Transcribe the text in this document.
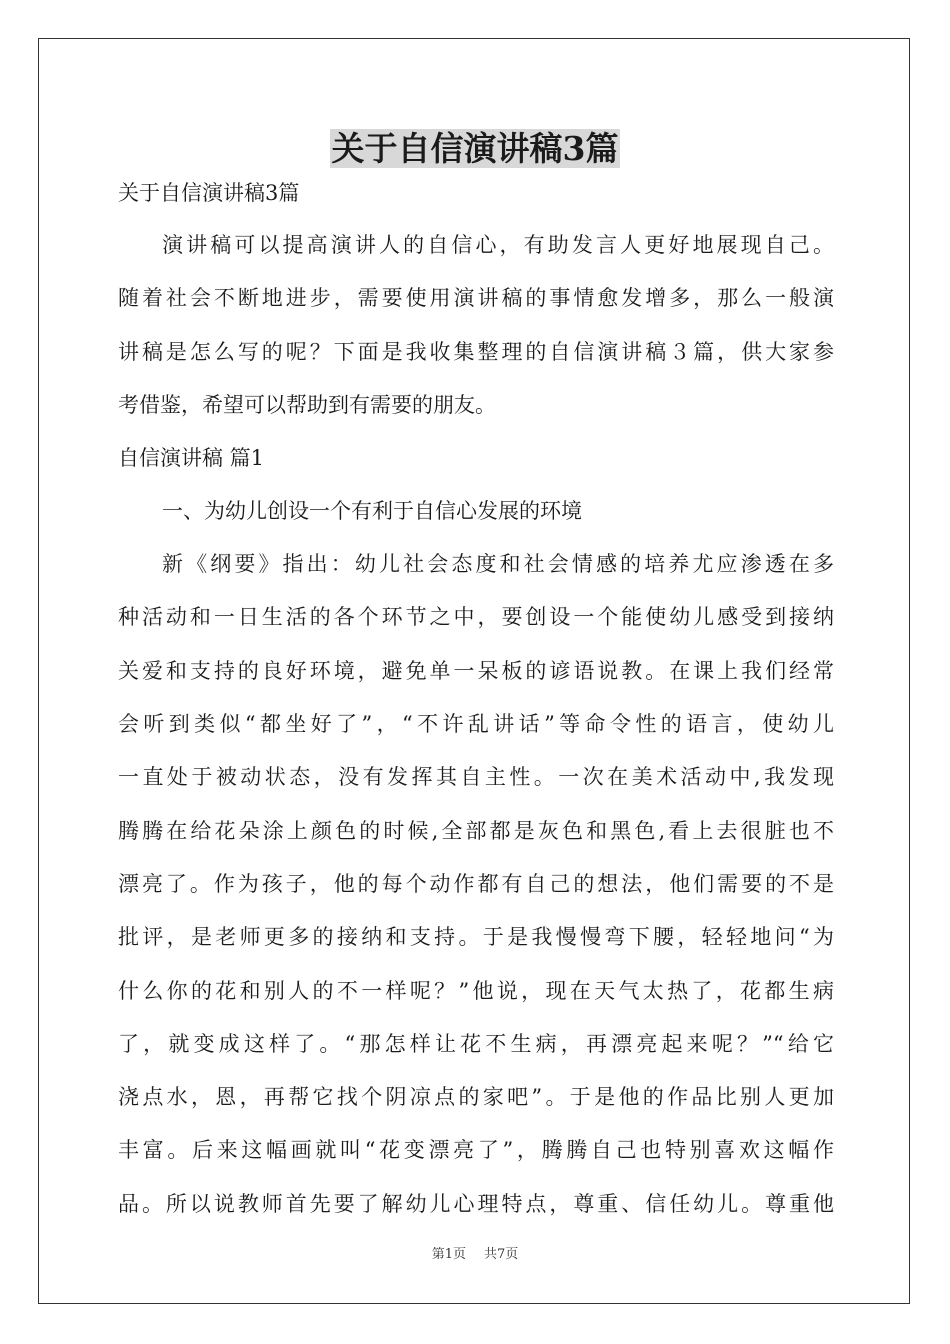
关于自信演讲稿3篇
关于自信演讲稿3篇
演讲稿可以提高演讲人的自信心，有助发言人更好地展现自己。
随着社会不断地进步，需要使用演讲稿的事情愈发增多，那么一般演
讲稿是怎么写的呢？下面是我收集整理的自信演讲稿３篇，供大家参
考借鉴，希望可以帮助到有需要的朋友。
自信演讲稿 篇1
一、为幼儿创设一个有利于自信心发展的环境
新《纲要》指出：幼儿社会态度和社会情感的培养尤应渗透在多
种活动和一日生活的各个环节之中，要创设一个能使幼儿感受到接纳
关爱和支持的良好环境，避免单一呆板的谚语说教。在课上我们经常
会听到类似“都坐好了”，“不许乱讲话”等命令性的语言，使幼儿
一直处于被动状态，没有发挥其自主性。一次在美术活动中,我发现
腾腾在给花朵涂上颜色的时候,全部都是灰色和黑色,看上去很脏也不
漂亮了。作为孩子，他的每个动作都有自己的想法，他们需要的不是
批评，是老师更多的接纳和支持。于是我慢慢弯下腰，轻轻地问“为
什么你的花和别人的不一样呢？”他说，现在天气太热了，花都生病
了，就变成这样了。“那怎样让花不生病，再漂亮起来呢？”“给它
浇点水，恩，再帮它找个阴凉点的家吧”。于是他的作品比别人更加
丰富。后来这幅画就叫“花变漂亮了”，腾腾自己也特别喜欢这幅作
品。所以说教师首先要了解幼儿心理特点，尊重、信任幼儿。尊重他
第1页 共7页
